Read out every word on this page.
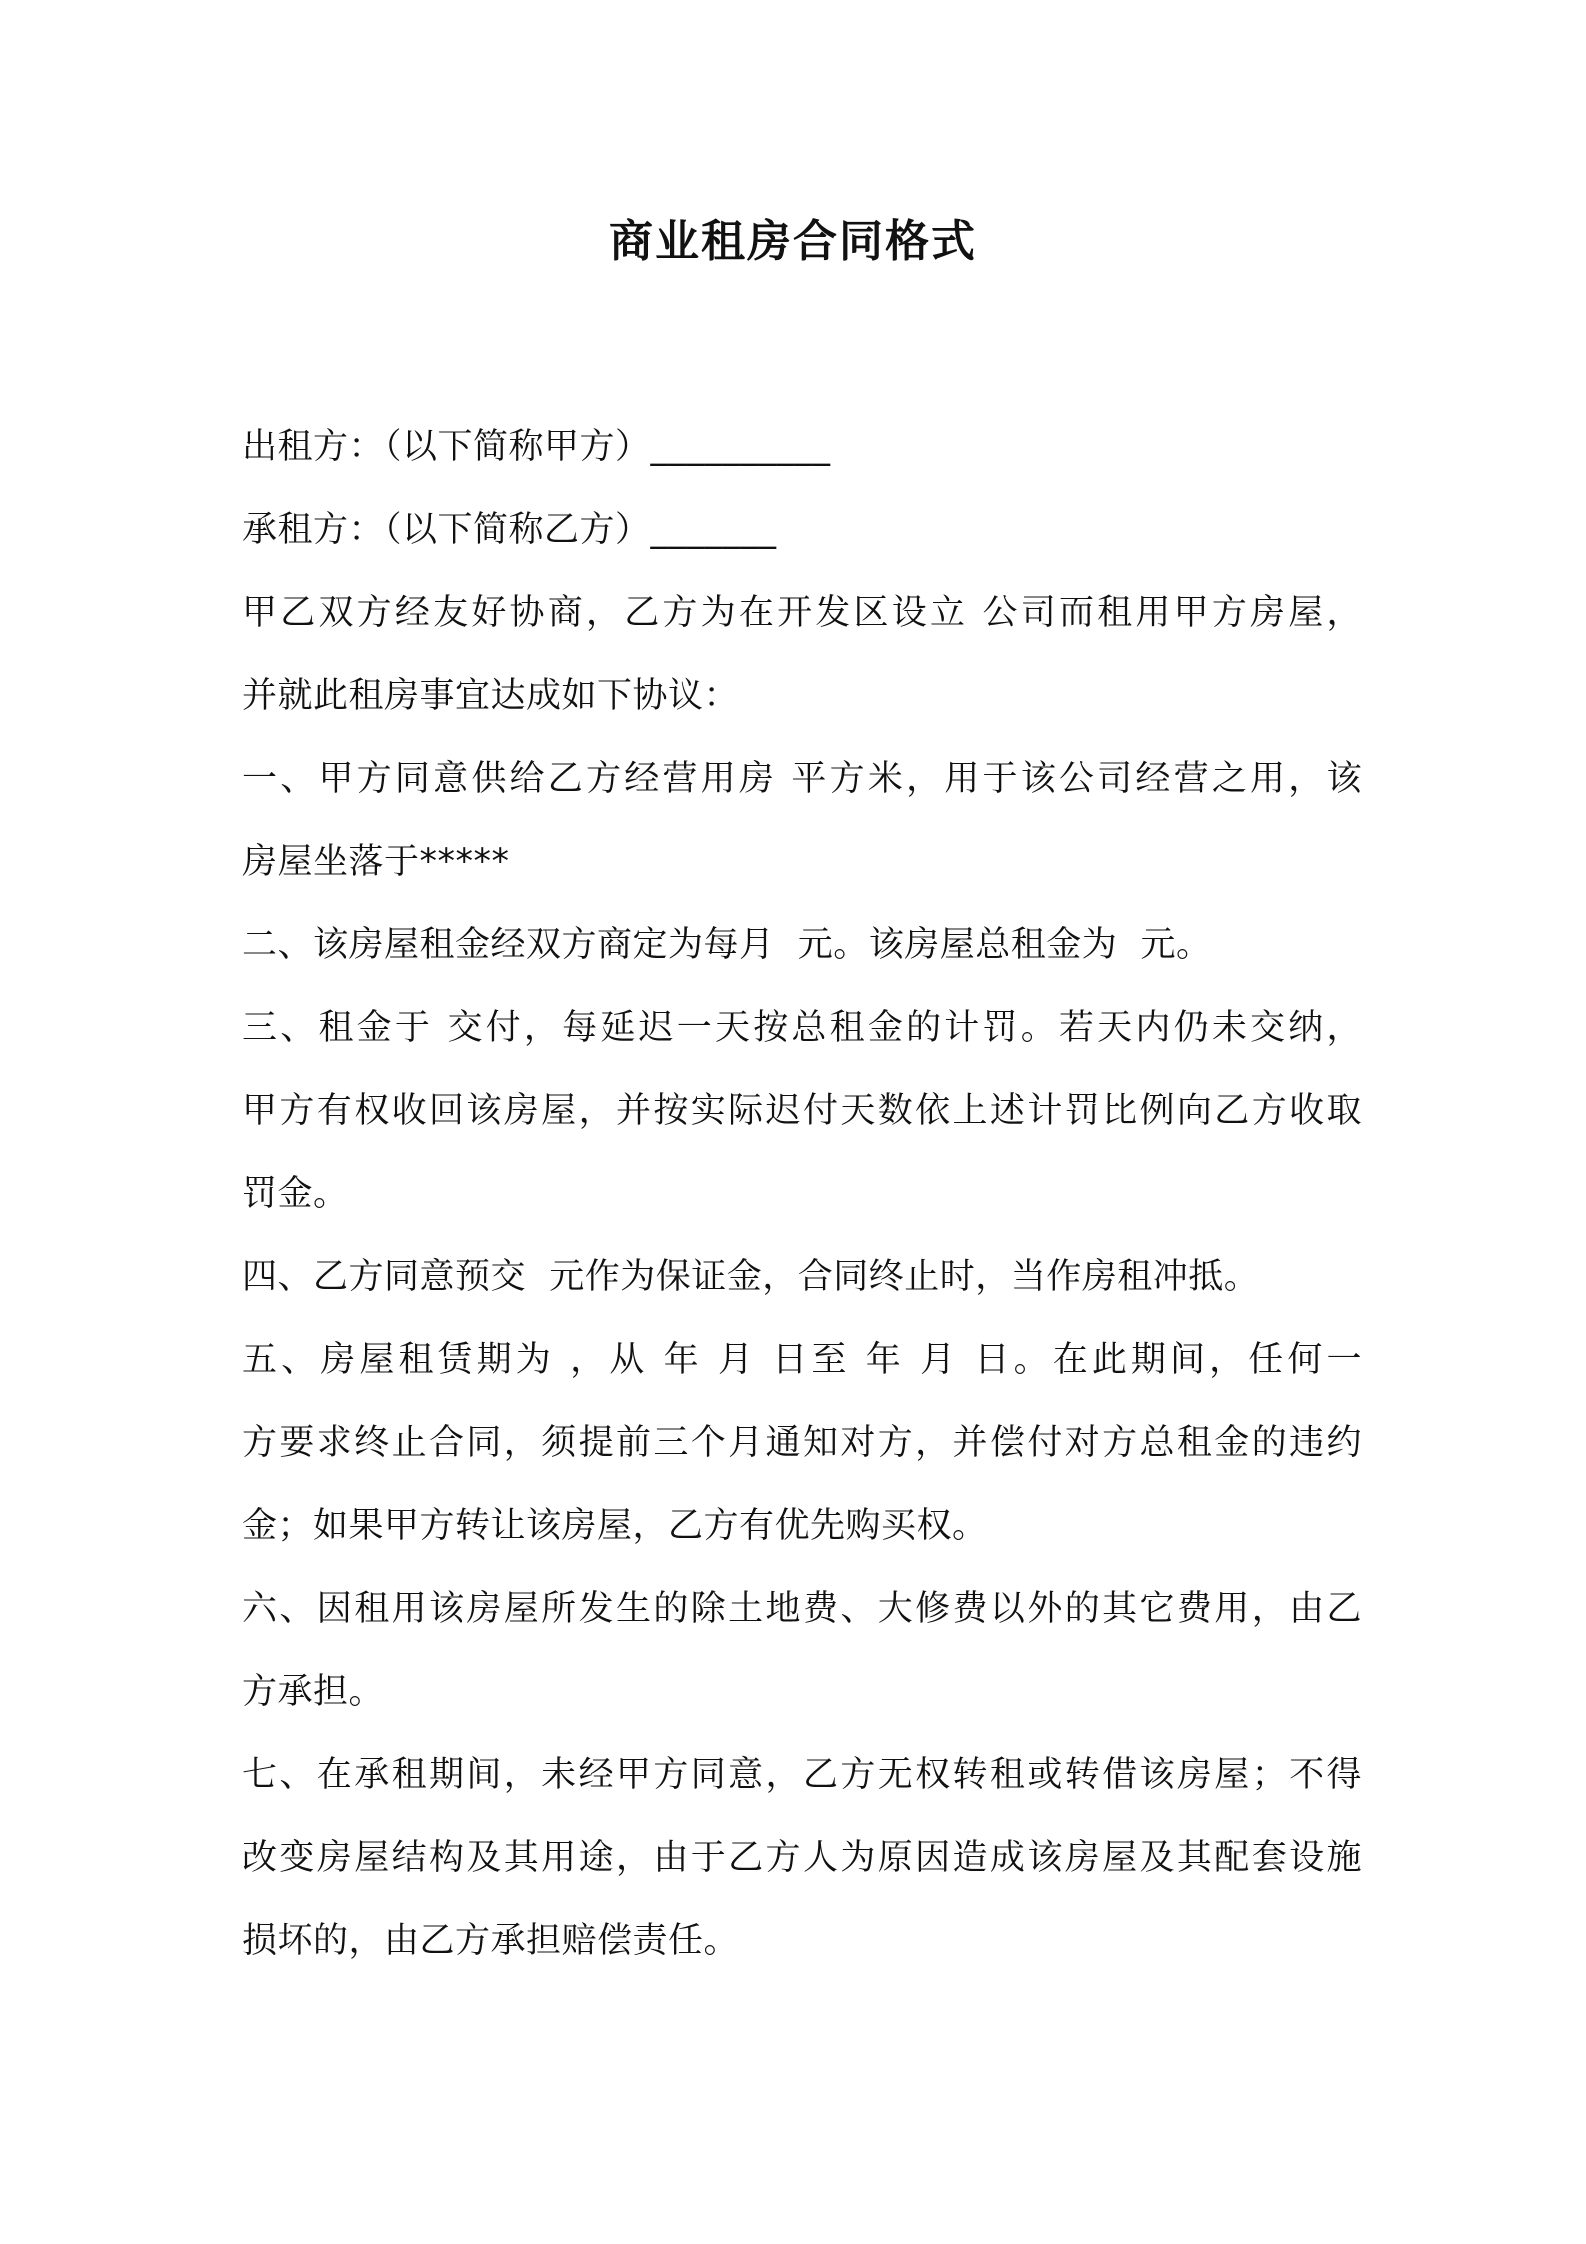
商业租房合同格式
出租方：（以下简称甲方）__________
承租方：（以下简称乙方）_______
甲乙双方经友好协商，乙方为在开发区设立 公司而租用甲方房屋，
并就此租房事宜达成如下协议：
一、甲方同意供给乙方经营用房 平方米，用于该公司经营之用，该
房屋坐落于*****
二、该房屋租金经双方商定为每月  元。该房屋总租金为  元。
三、租金于 交付，每延迟一天按总租金的计罚。若天内仍未交纳，
甲方有权收回该房屋，并按实际迟付天数依上述计罚比例向乙方收取
罚金。
四、乙方同意预交  元作为保证金，合同终止时，当作房租冲抵。
五、房屋租赁期为 ，从 年 月 日至 年 月 日。在此期间，任何一
方要求终止合同，须提前三个月通知对方，并偿付对方总租金的违约
金；如果甲方转让该房屋，乙方有优先购买权。
六、因租用该房屋所发生的除土地费、大修费以外的其它费用，由乙
方承担。
七、在承租期间，未经甲方同意，乙方无权转租或转借该房屋；不得
改变房屋结构及其用途，由于乙方人为原因造成该房屋及其配套设施
损坏的，由乙方承担赔偿责任。
